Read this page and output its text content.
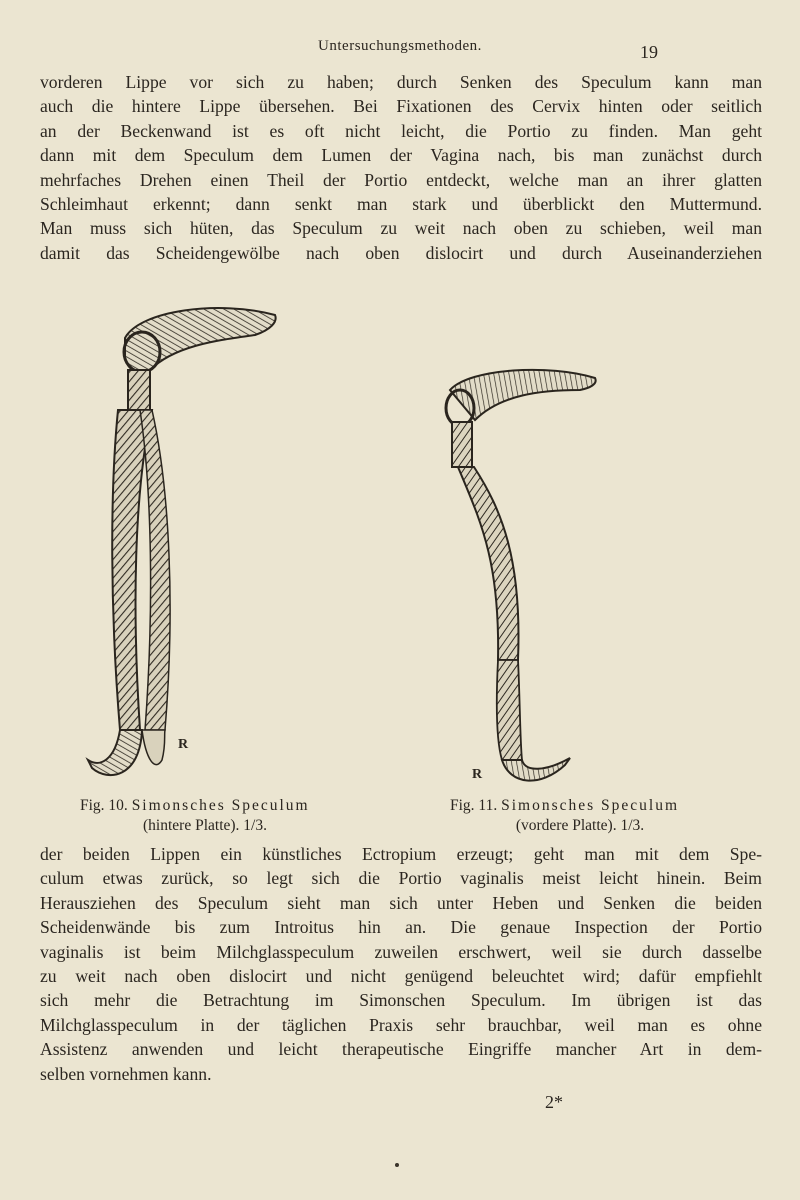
Untersuchungsmethoden.	19
vorderen Lippe vor sich zu haben; durch Senken des Speculum kann man
auch die hintere Lippe übersehen. Bei Fixationen des Cervix hinten oder seitlich
an der Beckenwand ist es oft nicht leicht, die Portio zu finden. Man geht
dann mit dem Speculum dem Lumen der Vagina nach, bis man zunächst durch
mehrfaches Drehen einen Theil der Portio entdeckt, welche man an ihrer glatten
Schleimhaut erkennt; dann senkt man stark und überblickt den Muttermund.
Man muss sich hüten, das Speculum zu weit nach oben zu schieben, weil man
damit das Scheidengewölbe nach oben dislocirt und durch Auseinanderziehen
R
R
Fig. 10. Simonsches Speculum
(hintere Platte). 1/3.
Fig. 11. Simonsches Speculum
(vordere Platte). 1/3.
der beiden Lippen ein künstliches Ectropium erzeugt; geht man mit dem Spe-
culum etwas zurück, so legt sich die Portio vaginalis meist leicht hinein. Beim
Herausziehen des Speculum sieht man sich unter Heben und Senken die beiden
Scheidenwände bis zum Introitus hin an. Die genaue Inspection der Portio
vaginalis ist beim Milchglasspeculum zuweilen erschwert, weil sie durch dasselbe
zu weit nach oben dislocirt und nicht genügend beleuchtet wird; dafür empfiehlt
sich mehr die Betrachtung im Simonschen Speculum. Im übrigen ist das
Milchglasspeculum in der täglichen Praxis sehr brauchbar, weil man es ohne
Assistenz anwenden und leicht therapeutische Eingriffe mancher Art in dem-
selben vornehmen kann.
2*
